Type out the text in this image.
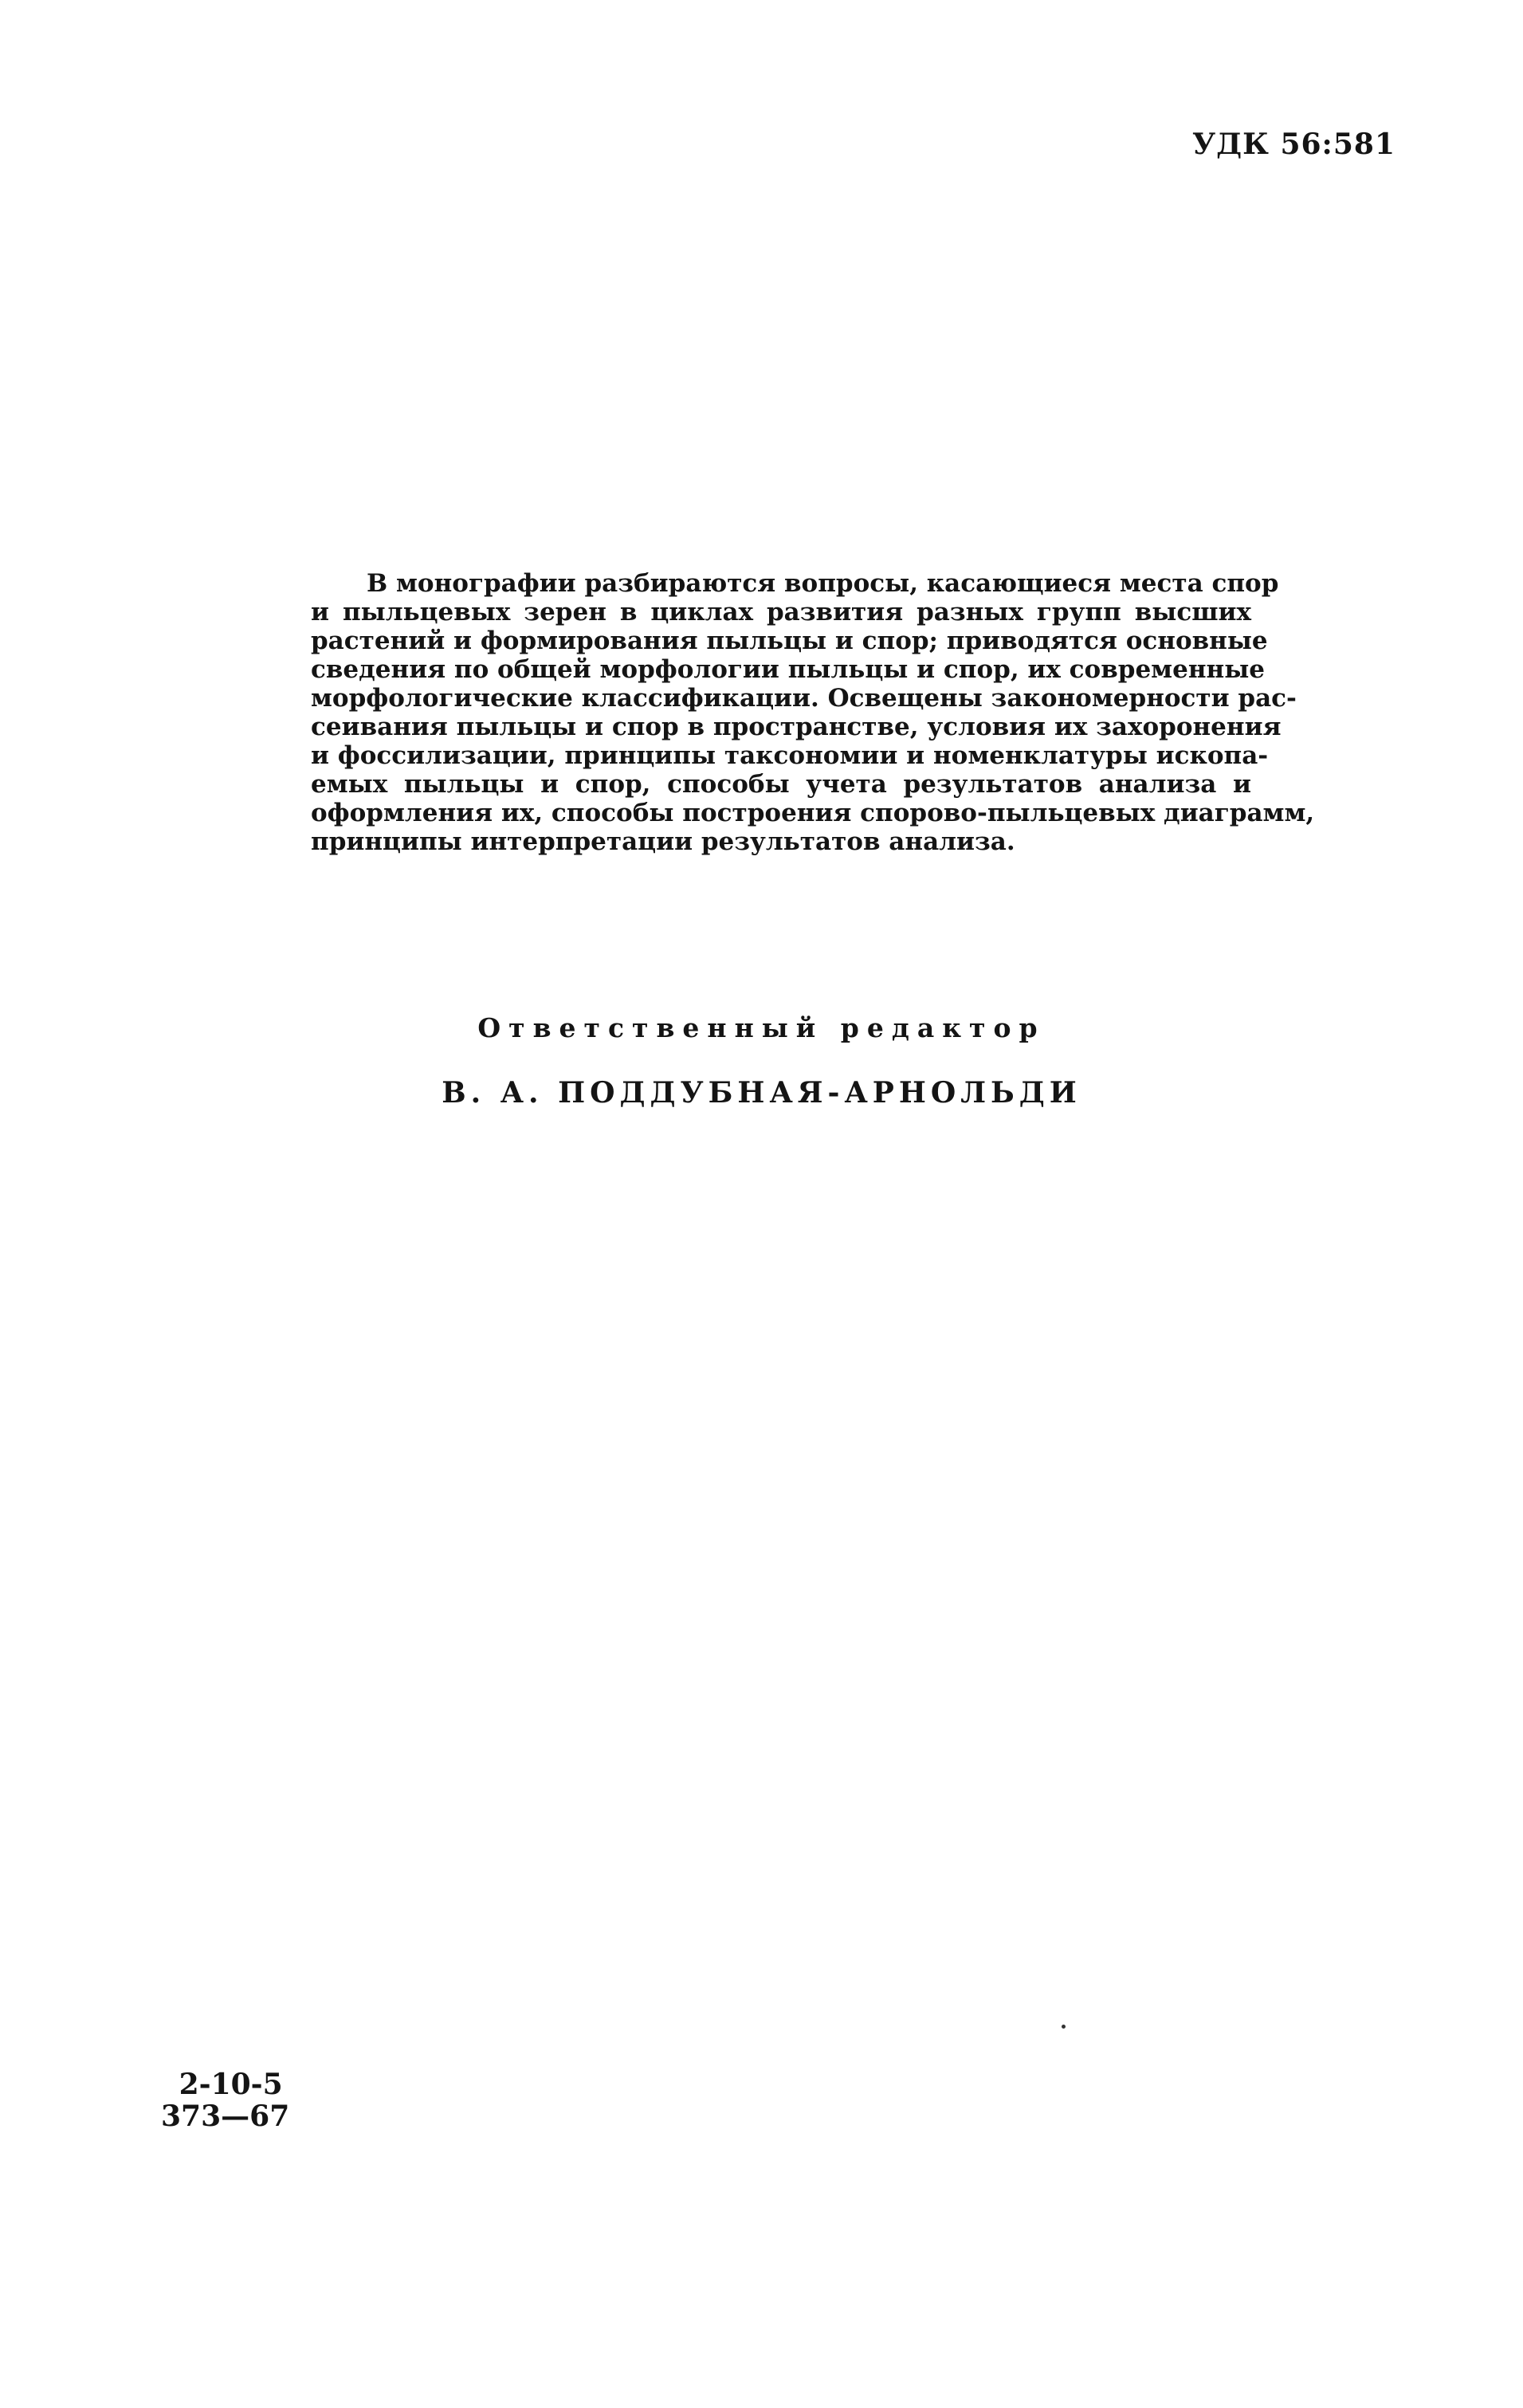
УДК 56:581
В монографии разбираются вопросы, касающиеся места спор
и пыльцевых зерен в циклах развития разных групп высших
растений и формирования пыльцы и спор; приводятся основные
сведения по общей морфологии пыльцы и спор, их современные
морфологические классификации. Освещены закономерности рас-
сеивания пыльцы и спор в пространстве, условия их захоронения
и фоссилизации, принципы таксономии и номенклатуры ископа-
емых пыльцы и спор, способы учета результатов анализа и
оформления их, способы построения спорово-пыльцевых диаграмм,
принципы интерпретации результатов анализа.
Ответственный редактор
В. А. ПОДДУБНАЯ-АРНОЛЬДИ
2-10-5
373—67
